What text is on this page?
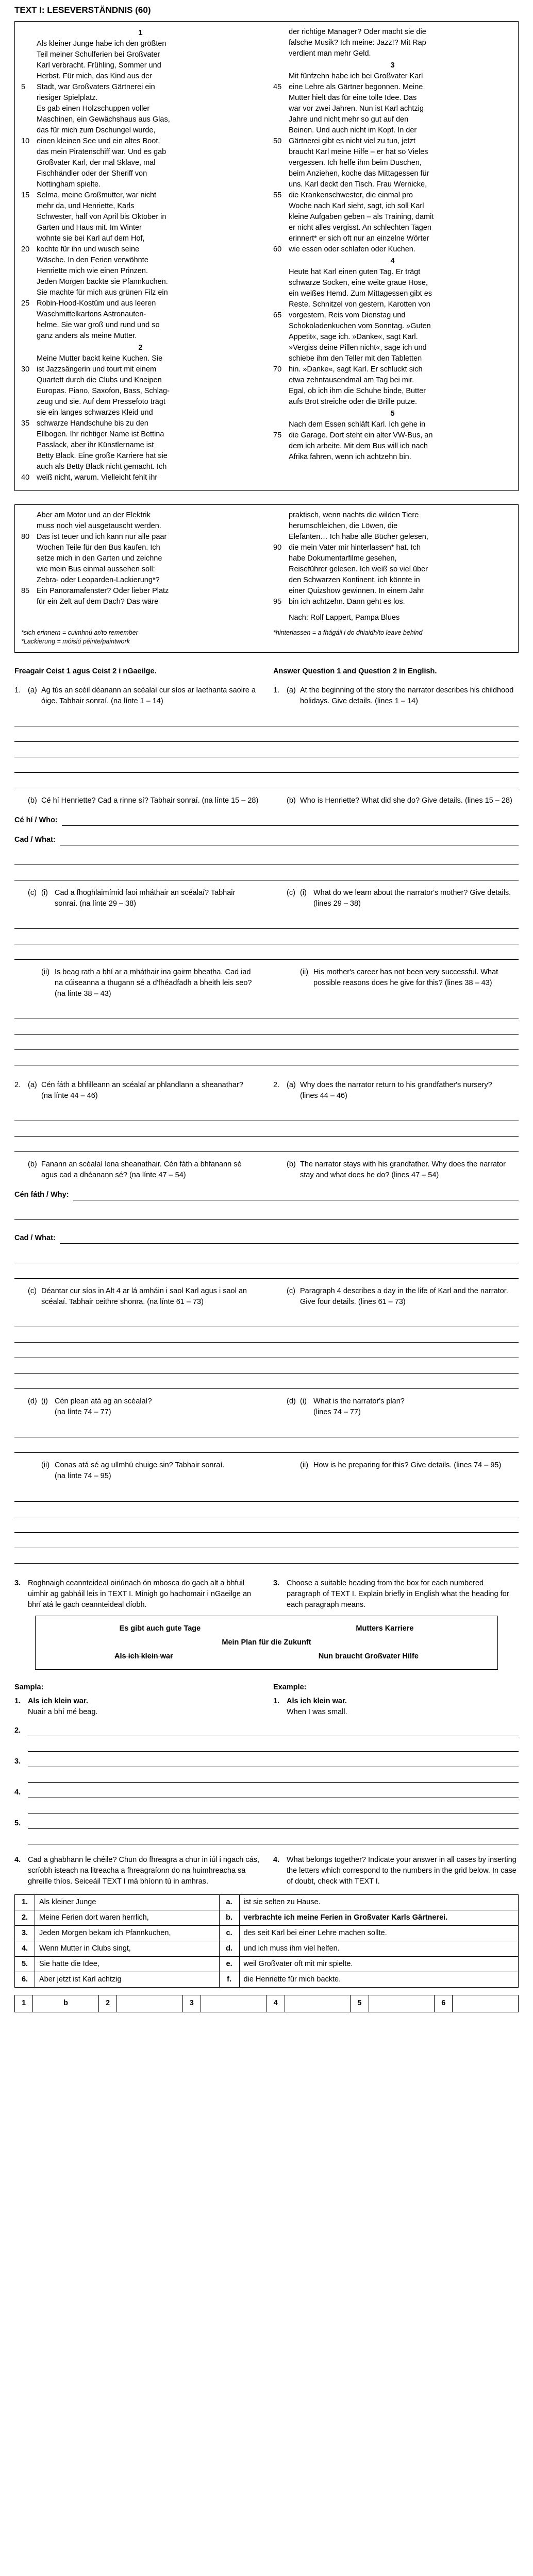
TEXT I: LESEVERSTÄNDNIS (60)
1
Als kleiner Junge habe ich den größten
Teil meiner Schulferien bei Großvater
Karl verbracht. Frühling, Sommer und
Herbst. Für mich, das Kind aus der
5	Stadt, war Großvaters Gärtnerei ein
riesiger Spielplatz.
Es gab einen Holzschuppen voller
Maschinen, ein Gewächshaus aus Glas,
das für mich zum Dschungel wurde,
10 einen kleinen See und ein altes Boot,
das mein Piratenschiff war. Und es gab
Großvater Karl, der mal Sklave, mal
Fischhändler oder der Sheriff von
Nottingham spielte.
15 Selma, meine Großmutter, war nicht
mehr da, und Henriette, Karls
Schwester, half von April bis Oktober in
Garten und Haus mit. Im Winter
wohnte sie bei Karl auf dem Hof,
20 kochte für ihn und wusch seine
Wäsche. In den Ferien verwöhnte
Henriette mich wie einen Prinzen.
Jeden Morgen backte sie Pfannkuchen.
Sie machte für mich aus grünen Filz ein
25 Robin-Hood-Kostüm und aus leeren
Waschmittelkartons Astronauten-
helme. Sie war groß und rund und so
ganz anders als meine Mutter.
2
Meine Mutter backt keine Kuchen. Sie
30 ist Jazzsängerin und tourt mit einem
Quartett durch die Clubs und Kneipen
Europas. Piano, Saxofon, Bass, Schlag-
zeug und sie. Auf dem Pressefoto trägt
sie ein langes schwarzes Kleid und
35 schwarze Handschuhe bis zu den
Ellbogen. Ihr richtiger Name ist Bettina
Passlack, aber ihr Künstlername ist
Betty Black. Eine große Karriere hat sie
auch als Betty Black nicht gemacht. Ich
40 weiß nicht, warum. Vielleicht fehlt ihr
der richtige Manager? Oder macht sie die
falsche Musik? Ich meine: Jazz!? Mit Rap
verdient man mehr Geld.
3
Mit fünfzehn habe ich bei Großvater Karl
45 eine Lehre als Gärtner begonnen. Meine
Mutter hielt das für eine tolle Idee. Das
war vor zwei Jahren. Nun ist Karl achtzig
Jahre und nicht mehr so gut auf den
Beinen. Und auch nicht im Kopf. In der
50 Gärtnerei gibt es nicht viel zu tun, jetzt
braucht Karl meine Hilfe – er hat so Vieles
vergessen. Ich helfe ihm beim Duschen,
beim Anziehen, koche das Mittagessen für
uns. Karl deckt den Tisch. Frau Wernicke,
55 die Krankenschwester, die einmal pro
Woche nach Karl sieht, sagt, ich soll Karl
kleine Aufgaben geben – als Training, damit
er nicht alles vergisst. An schlechten Tagen
erinnert* er sich oft nur an einzelne Wörter
60 wie essen oder schlafen oder Kuchen.
4
Heute hat Karl einen guten Tag. Er trägt
schwarze Socken, eine weite graue Hose,
ein weißes Hemd. Zum Mittagessen gibt es
Reste. Schnitzel von gestern, Karotten von
65 vorgestern, Reis vom Dienstag und
Schokoladenkuchen vom Sonntag. »Guten
Appetit«, sage ich. »Danke«, sagt Karl.
»Vergiss deine Pillen nicht«, sage ich und
schiebe ihm den Teller mit den Tabletten
70 hin. »Danke«, sagt Karl. Er schluckt sich
etwa zehntausendmal am Tag bei mir.
Egal, ob ich ihm die Schuhe binde, Butter
aufs Brot streiche oder die Brille putze.
5
Nach dem Essen schläft Karl. Ich gehe in
75 die Garage. Dort steht ein alter VW-Bus, an
dem ich arbeite. Mit dem Bus will ich nach
Afrika fahren, wenn ich achtzehn bin.
Aber am Motor und an der Elektrik
muss noch viel ausgetauscht werden.
80 Das ist teuer und ich kann nur alle paar
Wochen Teile für den Bus kaufen. Ich
setze mich in den Garten und zeichne
wie mein Bus einmal aussehen soll:
Zebra- oder Leoparden-Lackierung*?
85 Ein Panoramafenster? Oder lieber Platz
für ein Zelt auf dem Dach? Das wäre
praktisch, wenn nachts die wilden Tiere
herumschleichen, die Löwen, die
Elefanten… Ich habe alle Bücher gelesen,
90 die mein Vater mir hinterlassen* hat. Ich
habe Dokumentarfilme gesehen,
Reiseführer gelesen. Ich weiß so viel über
den Schwarzen Kontinent, ich könnte in
einer Quizshow gewinnen. In einem Jahr
95 bin ich achtzehn. Dann geht es los.
Nach: Rolf Lappert, Pampa Blues
*sich erinnern = cuimhnú ar/to remember
*Lackierung = móisiú péinte/paintwork
*hinterlassen = a fhágáil i do dhiaidh/to leave behind
Freagair Ceist 1 agus Ceist 2 i nGaeilge.	Answer Question 1 and Question 2 in English.
1. (a) Ag tús an scéil déanann an scéalaí cur síos ar laethanta saoire a óige. Tabhair sonraí. (na línte 1 – 14)
1. (a) At the beginning of the story the narrator describes his childhood holidays. Give details. (lines 1 – 14)
(b) Cé hí Henriette? Cad a rinne sí? Tabhair sonraí. (na línte 15 – 28)	(b) Who is Henriette? What did she do? Give details. (lines 15 – 28)
Cé hí / Who:
Cad / What:
(c) (i) Cad a fhoghlaimímid faoi mháthair an scéalaí? Tabhair sonraí. (na línte 29 – 38)
(c) (i) What do we learn about the narrator's mother? Give details. (lines 29 – 38)
(ii) Is beag rath a bhí ar a mháthair ina gairm bheatha. Cad iad na cúiseanna a thugann sé a d'fhéadfadh a bheith leis seo? (na línte 38 – 43)
(ii) His mother's career has not been very successful. What possible reasons does he give for this? (lines 38 – 43)
2. (a) Cén fáth a bhfilleann an scéalaí ar phlandlann a sheanathar? (na línte 44 – 46)
2. (a) Why does the narrator return to his grandfather's nursery? (lines 44 – 46)
(b) Fanann an scéalaí lena sheanathair. Cén fáth a bhfanann sé agus cad a dhéanann sé? (na línte 47 – 54)
(b) The narrator stays with his grandfather. Why does the narrator stay and what does he do? (lines 47 – 54)
Cén fáth / Why:
Cad / What:
(c) Déantar cur síos in Alt 4 ar lá amháin i saol Karl agus i saol an scéalaí. Tabhair ceithre shonra. (na línte 61 – 73)
(c) Paragraph 4 describes a day in the life of Karl and the narrator. Give four details. (lines 61 – 73)
(d) (i) Cén plean atá ag an scéalaí?
(na línte 74 – 77)
(d) (i) What is the narrator's plan?
(lines 74 – 77)
(ii) Conas atá sé ag ullmhú chuige sin? Tabhair sonraí. (na línte 74 – 95)
(ii) How is he preparing for this? Give details. (lines 74 – 95)
3. Roghnaigh ceannteideal oiriúnach ón mbosca do gach alt a bhfuil uimhir ag gabháil leis in TEXT I. Mínigh go hachomair i nGaeilge an bhrí atá le gach ceannteideal díobh.
3. Choose a suitable heading from the box for each numbered paragraph of TEXT I. Explain briefly in English what the heading for each paragraph means.
Es gibt auch gute Tage	Mutters Karriere
Mein Plan für die Zukunft
Als ich klein war	Nun braucht Großvater Hilfe
Sampla:
1. Als ich klein war.
Nuair a bhí mé beag.
Example:
1. Als ich klein war.
When I was small.
2.
3.
4.
5.
4. Cad a ghabhann le chéile? Chun do fhreagra a chur in iúl i ngach cás, scríobh isteach na litreacha a fhreagraíonn do na huimhreacha sa ghreille thíos. Seiceáil TEXT I má bhíonn tú in amhras.
4. What belongs together? Indicate your answer in all cases by inserting the letters which correspond to the numbers in the grid below. In case of doubt, check with TEXT I.
1.	Als kleiner Junge	a.	ist sie selten zu Hause.
2.	Meine Ferien dort waren herrlich,	b.	verbrachte ich meine Ferien in Großvater Karls Gärtnerei.
3.	Jeden Morgen bekam ich Pfannkuchen,	c.	des seit Karl bei einer Lehre machen sollte.
4.	Wenn Mutter in Clubs singt,	d.	und ich muss ihm viel helfen.
5.	Sie hatte die Idee,	e.	weil Großvater oft mit mir spielte.
6.	Aber jetzt ist Karl achtzig	f.	die Henriette für mich backte.
1	b	2		3		4		5		6	
